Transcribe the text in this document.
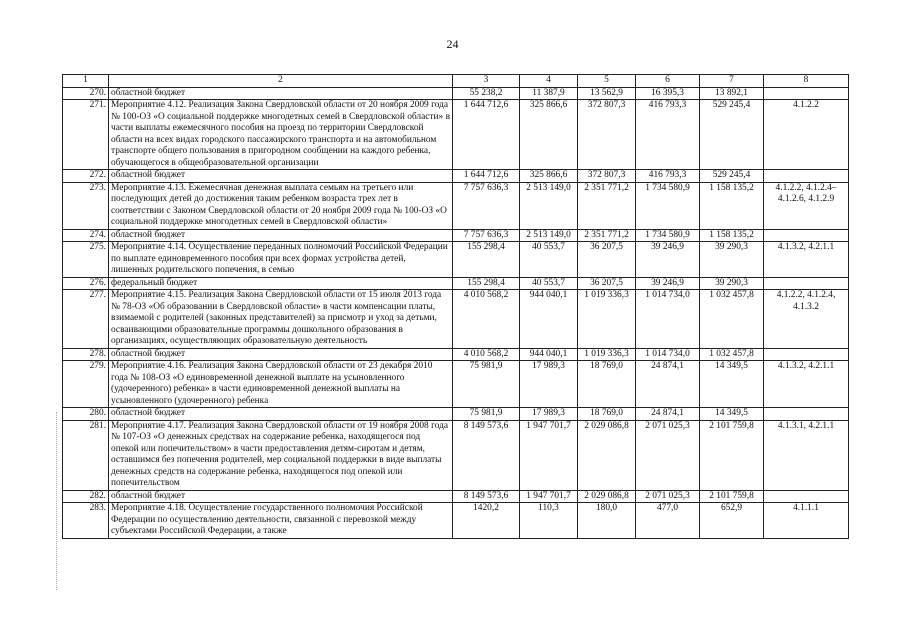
24
1	2	3	4	5	6	7	8
270.	областной бюджет	55 238,2	11 387,9	13 562,9	16 395,3	13 892,1	
271.	Мероприятие 4.12. Реализация Закона Свердловской области от 20 ноября 2009 года № 100-ОЗ «О социальной поддержке многодетных семей в Свердловской области» в части выплаты ежемесячного пособия на проезд по территории Свердловской области на всех видах городского пассажирского транспорта и на автомобильном транспорте общего пользования в пригородном сообщении на каждого ребенка, обучающегося в общеобразовательной организации	1 644 712,6	325 866,6	372 807,3	416 793,3	529 245,4	4.1.2.2
272.	областной бюджет	1 644 712,6	325 866,6	372 807,3	416 793,3	529 245,4	
273.	Мероприятие 4.13. Ежемесячная денежная выплата семьям на третьего или последующих детей до достижения таким ребенком возраста трех лет в соответствии с Законом Свердловской области от 20 ноября 2009 года № 100-ОЗ «О социальной поддержке многодетных семей в Свердловской области»	7 757 636,3	2 513 149,0	2 351 771,2	1 734 580,9	1 158 135,2	4.1.2.2, 4.1.2.4–4.1.2.6, 4.1.2.9
274.	областной бюджет	7 757 636,3	2 513 149,0	2 351 771,2	1 734 580,9	1 158 135,2	
275.	Мероприятие 4.14. Осуществление переданных полномочий Российской Федерации по выплате единовременного пособия при всех формах устройства детей, лишенных родительского попечения, в семью	155 298,4	40 553,7	36 207,5	39 246,9	39 290,3	4.1.3.2, 4.2.1.1
276.	федеральный бюджет	155 298,4	40 553,7	36 207,5	39 246,9	39 290,3	
277.	Мероприятие 4.15. Реализация Закона Свердловской области от 15 июля 2013 года № 78-ОЗ «Об образовании в Свердловской области» в части компенсации платы, взимаемой с родителей (законных представителей) за присмотр и уход за детьми, осваивающими образовательные программы дошкольного образования в организациях, осуществляющих образовательную деятельность	4 010 568,2	944 040,1	1 019 336,3	1 014 734,0	1 032 457,8	4.1.2.2, 4.1.2.4, 4.1.3.2
278.	областной бюджет	4 010 568,2	944 040,1	1 019 336,3	1 014 734,0	1 032 457,8	
279.	Мероприятие 4.16. Реализация Закона Свердловской области от 23 декабря 2010 года № 108-ОЗ «О единовременной денежной выплате на усыновленного (удочеренного) ребенка» в части единовременной денежной выплаты на усыновленного (удочеренного) ребенка	75 981,9	17 989,3	18 769,0	24 874,1	14 349,5	4.1.3.2, 4.2.1.1
280.	областной бюджет	75 981,9	17 989,3	18 769,0	24 874,1	14 349,5	
281.	Мероприятие 4.17. Реализация Закона Свердловской области от 19 ноября 2008 года № 107-ОЗ «О денежных средствах на содержание ребенка, находящегося под опекой или попечительством» в части предоставления детям-сиротам и детям, оставшимся без попечения родителей, мер социальной поддержки в виде выплаты денежных средств на содержание ребенка, находящегося под опекой или попечительством	8 149 573,6	1 947 701,7	2 029 086,8	2 071 025,3	2 101 759,8	4.1.3.1, 4.2.1.1
282.	областной бюджет	8 149 573,6	1 947 701,7	2 029 086,8	2 071 025,3	2 101 759,8	
283.	Мероприятие 4.18. Осуществление государственного полномочия Российской Федерации по осуществлению деятельности, связанной с перевозкой между субъектами Российской Федерации, а также	1420,2	110,3	180,0	477,0	652,9	4.1.1.1
